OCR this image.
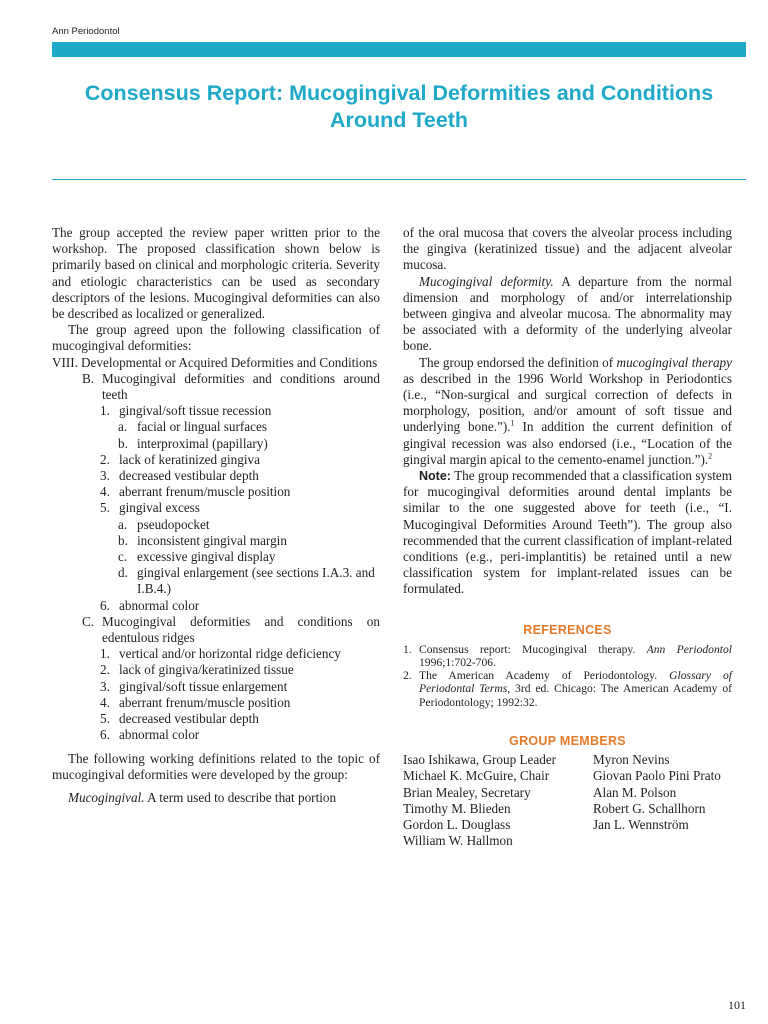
Ann Periodontol
Consensus Report: Mucogingival Deformities and Conditions
Around Teeth

The group accepted the review paper written prior to the workshop. The proposed classification shown below is primarily based on clinical and morphologic criteria. Severity and etiologic characteristics can be used as secondary descriptors of the lesions. Mucogingival deformities can also be described as localized or generalized.

The group agreed upon the following classification of mucogingival deformities:

VIII. Developmental or Acquired Deformities and Conditions
B. Mucogingival deformities and conditions around teeth
1. gingival/soft tissue recession
a. facial or lingual surfaces
b. interproximal (papillary)
2. lack of keratinized gingiva
3. decreased vestibular depth
4. aberrant frenum/muscle position
5. gingival excess
a. pseudopocket
b. inconsistent gingival margin
c. excessive gingival display
d. gingival enlargement (see sections I.A.3. and I.B.4.)
6. abnormal color
C. Mucogingival deformities and conditions on edentulous ridges
1. vertical and/or horizontal ridge deficiency
2. lack of gingiva/keratinized tissue
3. gingival/soft tissue enlargement
4. aberrant frenum/muscle position
5. decreased vestibular depth
6. abnormal color

The following working definitions related to the topic of mucogingival deformities were developed by the group:

Mucogingival. A term used to describe that portion

of the oral mucosa that covers the alveolar process including the gingiva (keratinized tissue) and the adjacent alveolar mucosa.

Mucogingival deformity. A departure from the normal dimension and morphology of and/or interrelationship between gingiva and alveolar mucosa. The abnormality may be associated with a deformity of the underlying alveolar bone.

The group endorsed the definition of mucogingival therapy as described in the 1996 World Workshop in Periodontics (i.e., “Non-surgical and surgical correction of defects in morphology, position, and/or amount of soft tissue and underlying bone.”).$^1$ In addition the current definition of gingival recession was also endorsed (i.e., “Location of the gingival margin apical to the cemento-enamel junction.”).$^2$

Note: The group recommended that a classification system for mucogingival deformities around dental implants be similar to the one suggested above for teeth (i.e., “I. Mucogingival Deformities Around Teeth”). The group also recommended that the current classification of implant-related conditions (e.g., peri-implantitis) be retained until a new classification system for implant-related issues can be formulated.

REFERENCES
1. Consensus report: Mucogingival therapy. Ann Periodontol 1996;1:702-706.
2. The American Academy of Periodontology. Glossary of Periodontal Terms, 3rd ed. Chicago: The American Academy of Periodontology; 1992:32.
GROUP MEMBERS
Isao Ishikawa, Group Leader
Michael K. McGuire, Chair
Brian Mealey, Secretary
Timothy M. Blieden
Gordon L. Douglass
William W. Hallmon
Myron Nevins
Giovan Paolo Pini Prato
Alan M. Polson
Robert G. Schallhorn
Jan L. Wennström
101
